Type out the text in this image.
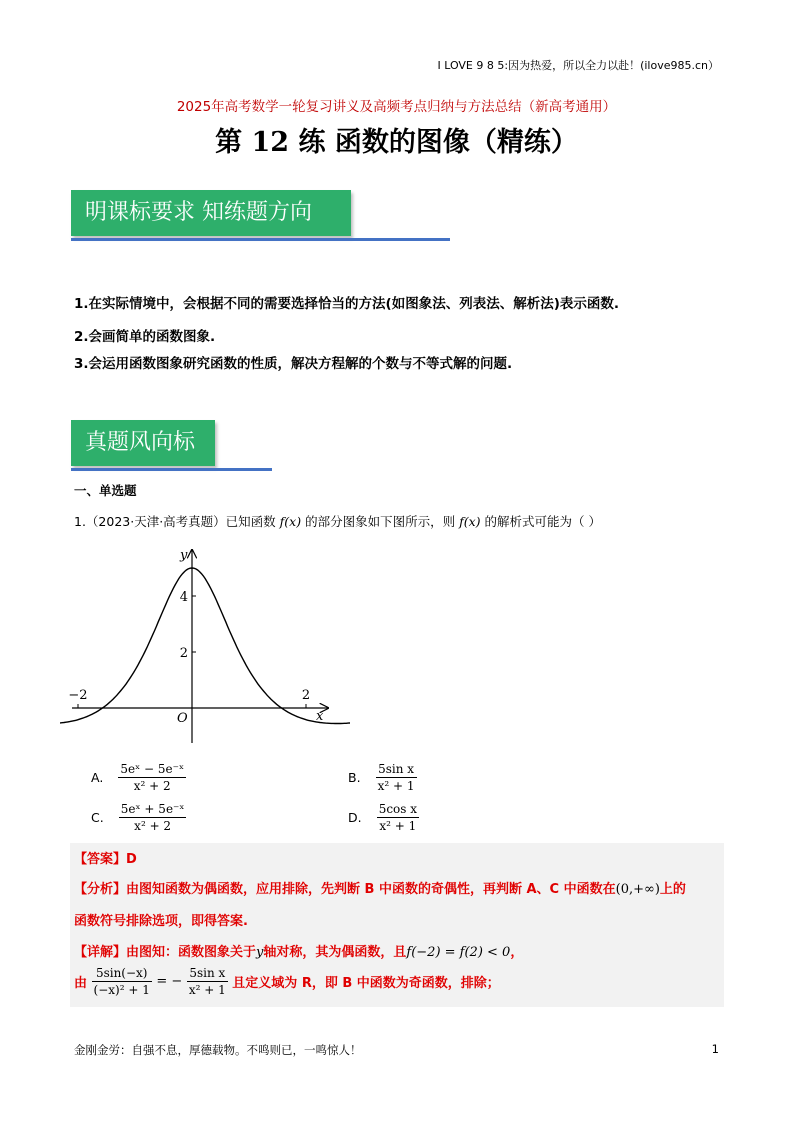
I LOVE 9 8 5:因为热爱，所以全力以赴！(ilove985.cn）
2025年高考数学一轮复习讲义及高频考点归纳与方法总结（新高考通用）
第 12 练 函数的图像（精练）
明课标要求 知练题方向
1.在实际情境中，会根据不同的需要选择恰当的方法(如图象法、列表法、解析法)表示函数.
2.会画简单的函数图象.
3.会运用函数图象研究函数的性质，解决方程解的个数与不等式解的问题.
真题风向标
一、单选题
1.（2023·天津·高考真题）已知函数 f(x) 的部分图象如下图所示，则 f(x) 的解析式可能为（ ）
−2	2
2
4
x
y
O
A. $\frac{\text{5eˣ − 5e⁻ˣ}}{\text{x² + 2}}$	B. $\frac{\text{5sin x}}{\text{x² + 1}}$
C. $\frac{\text{5eˣ + 5e⁻ˣ}}{\text{x² + 2}}$	D. $\frac{\text{5cos x}}{\text{x² + 1}}$
【答案】D
【分析】由图知函数为偶函数，应用排除，先判断 B 中函数的奇偶性，再判断 A、C 中函数在(0,+∞)上的
函数符号排除选项，即得答案.
【详解】由图知：函数图象关于y轴对称，其为偶函数，且f(−2) = f(2) < 0，
由 $\frac{5\sin(-x)}{\text{(−x)² + 1}}$ = − $\frac{\text{5sin x}}{\text{x² + 1}}$ 且定义域为 R，即 B 中函数为奇函数，排除；
金刚金労：自强不息，厚德载物。不鸣则已，一鸣惊人！	1
